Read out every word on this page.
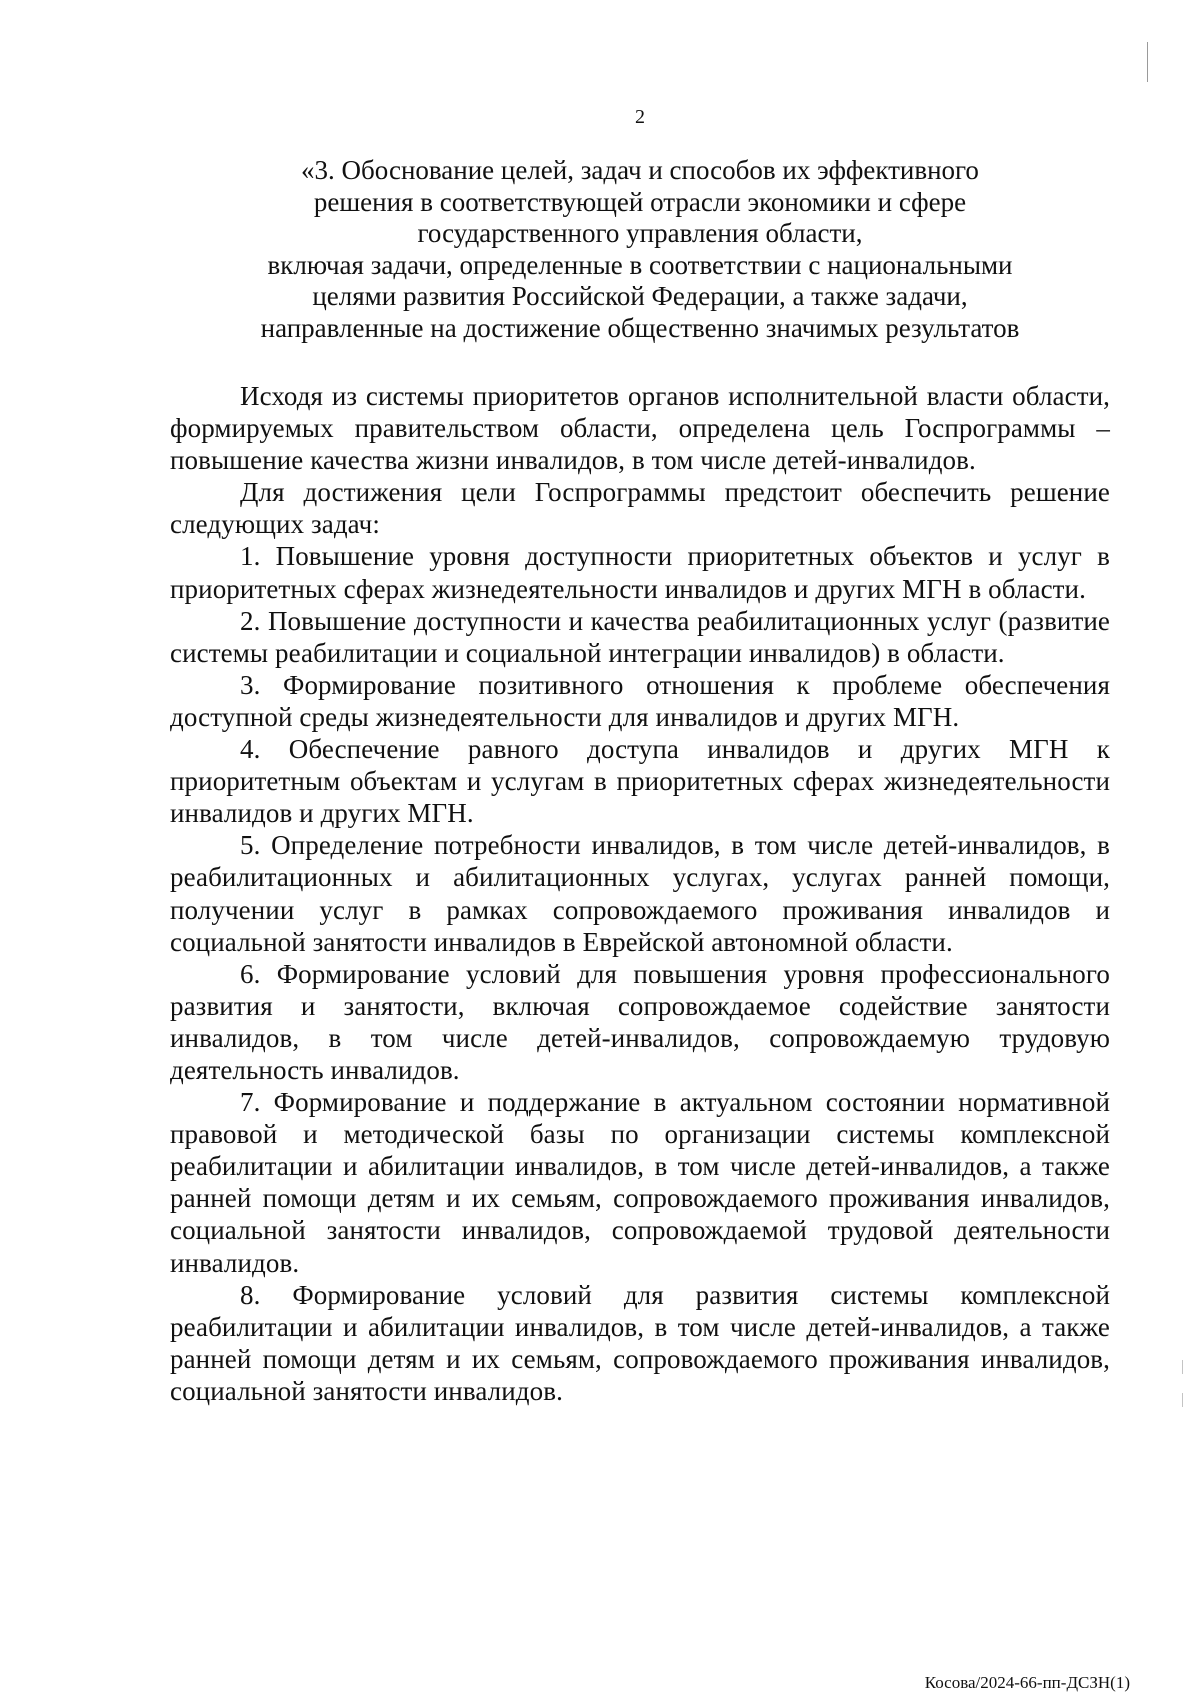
2
«3. Обоснование целей, задач и способов их эффективного
решения в соответствующей отрасли экономики и сфере
государственного управления области,
включая задачи, определенные в соответствии с национальными
целями развития Российской Федерации, а также задачи,
направленные на достижение общественно значимых результатов

Исходя из системы приоритетов органов исполнительной власти области, формируемых правительством области, определена цель Госпрограммы – повышение качества жизни инвалидов, в том числе детей-инвалидов.

Для достижения цели Госпрограммы предстоит обеспечить решение следующих задач:

1. Повышение уровня доступности приоритетных объектов и услуг в приоритетных сферах жизнедеятельности инвалидов и других МГН в области.

2. Повышение доступности и качества реабилитационных услуг (развитие системы реабилитации и социальной интеграции инвалидов) в области.

3. Формирование позитивного отношения к проблеме обеспечения доступной среды жизнедеятельности для инвалидов и других МГН.

4. Обеспечение равного доступа инвалидов и других МГН к приоритетным объектам и услугам в приоритетных сферах жизнедеятельности инвалидов и других МГН.

5. Определение потребности инвалидов, в том числе детей-инвалидов, в реабилитационных и абилитационных услугах, услугах ранней помощи, получении услуг в рамках сопровождаемого проживания инвалидов и социальной занятости инвалидов в Еврейской автономной области.

6. Формирование условий для повышения уровня профессионального развития и занятости, включая сопровождаемое содействие занятости инвалидов, в том числе детей-инвалидов, сопровождаемую трудовую деятельность инвалидов.

7. Формирование и поддержание в актуальном состоянии нормативной правовой и методической базы по организации системы комплексной реабилитации и абилитации инвалидов, в том числе детей-инвалидов, а также ранней помощи детям и их семьям, сопровождаемого проживания инвалидов, социальной занятости инвалидов, сопровождаемой трудовой деятельности инвалидов.

8. Формирование условий для развития системы комплексной реабилитации и абилитации инвалидов, в том числе детей-инвалидов, а также ранней помощи детям и их семьям, сопровождаемого проживания инвалидов, социальной занятости инвалидов.

Косова/2024-66-пп-ДСЗН(1)
